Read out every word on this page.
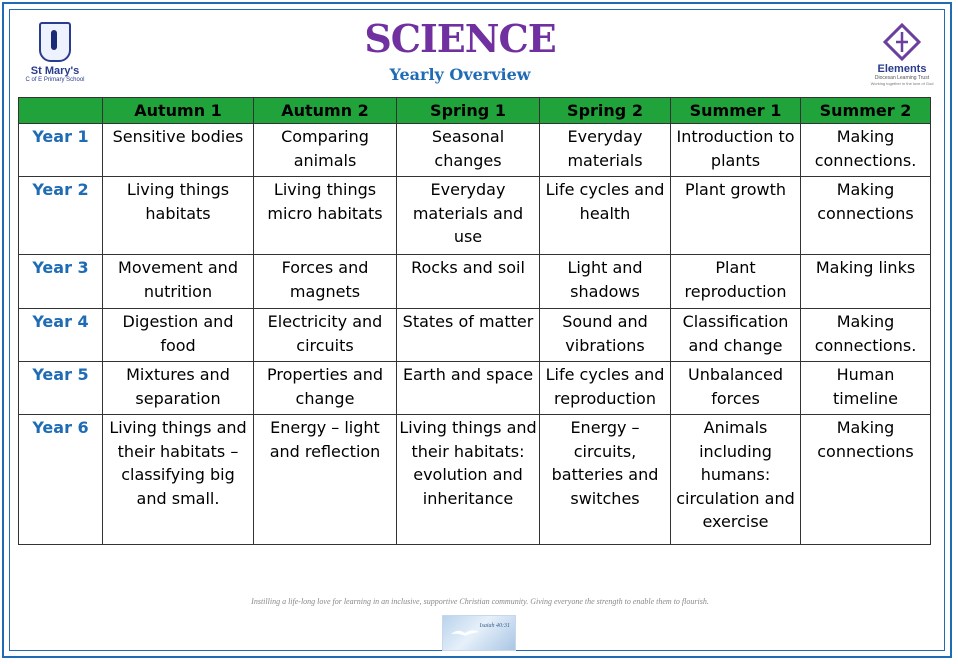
St Mary's
C of E Primary School
SCIENCE
Yearly Overview	Elements
Diocesan Learning Trust
Working together in the love of God
	Autumn 1	Autumn 2	Spring 1	Spring 2	Summer 1	Summer 2
Year 1	Sensitive bodies	Comparing animals	Seasonal changes	Everyday materials	Introduction to plants	Making connections.
Year 2	Living things habitats	Living things micro habitats	Everyday materials and use	Life cycles and health	Plant growth	Making connections
Year 3	Movement and nutrition	Forces and magnets	Rocks and soil	Light and shadows	Plant reproduction	Making links
Year 4	Digestion and food	Electricity and circuits	States of matter	Sound and vibrations	Classification and change	Making connections.
Year 5	Mixtures and separation	Properties and change	Earth and space	Life cycles and reproduction	Unbalanced forces	Human timeline
Year 6	Living things and their habitats – classifying big and small.	Energy – light and reflection	Living things and their habitats: evolution and inheritance	Energy – circuits, batteries and switches	Animals including humans: circulation and exercise	Making connections
Instilling a life-long love for learning in an inclusive, supportive Christian community. Giving everyone the strength to enable them to flourish.
Isaiah 40:31
